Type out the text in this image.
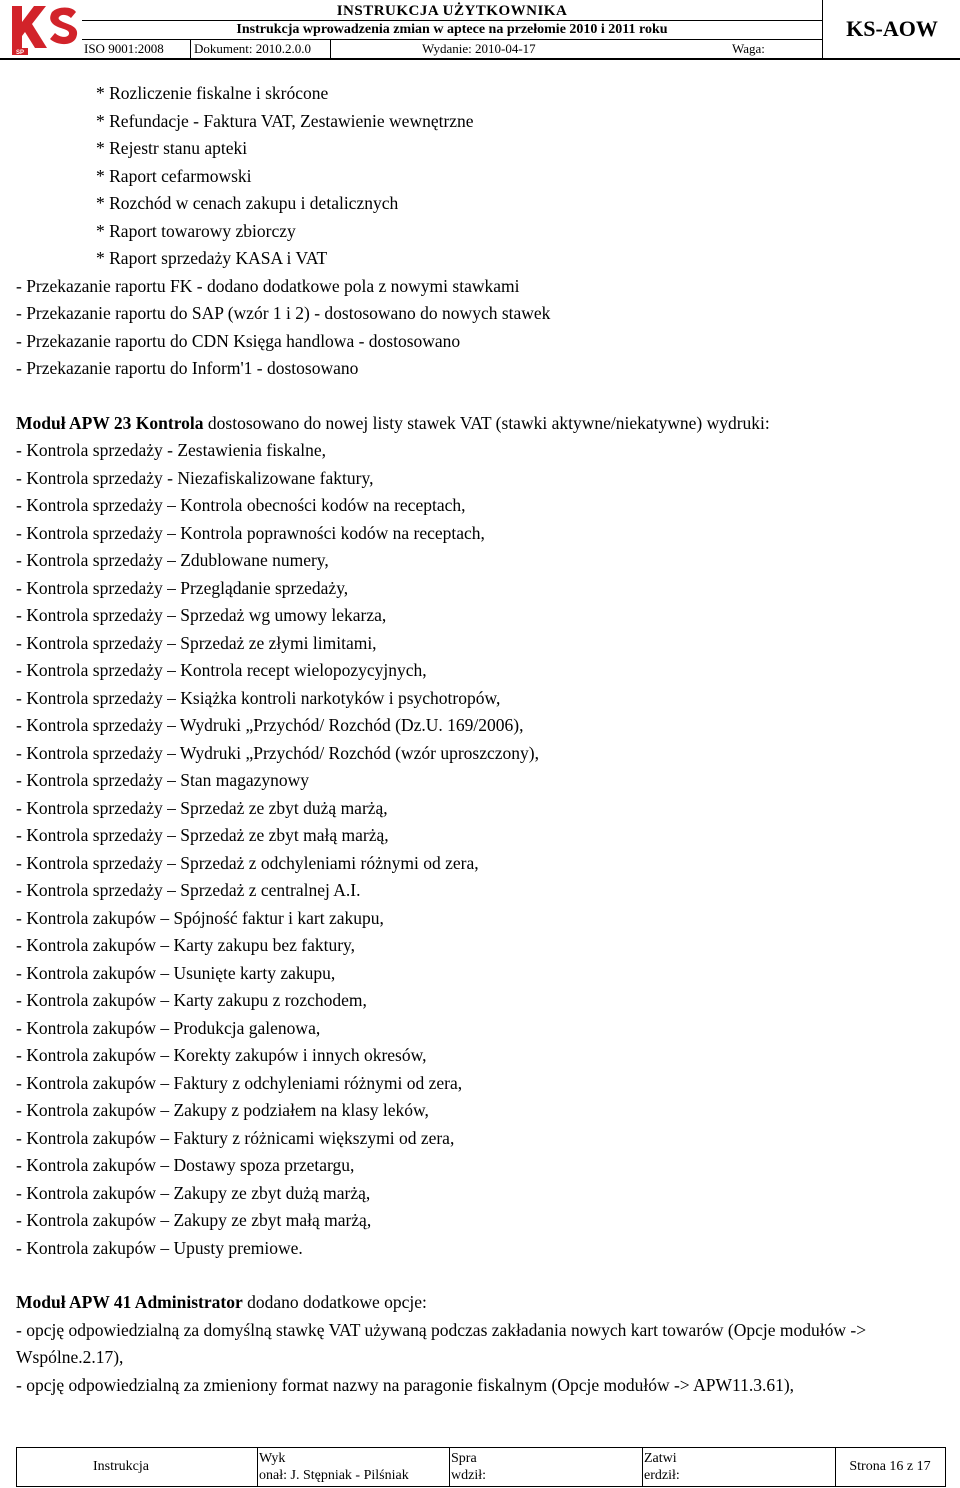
SP
INSTRUKCJA UŻYTKOWNIKA
Instrukcja wprowadzenia zmian w aptece na przełomie 2010 i 2011 roku
ISO 9001:2008 Dokument: 2010.2.0.0	Wydanie: 2010-04-17	Waga:
KS-AOW

* Rozliczenie fiskalne i skrócone

* Refundacje - Faktura VAT, Zestawienie wewnętrzne

* Rejestr stanu apteki

* Raport cefarmowski

* Rozchód w cenach zakupu i detalicznych

* Raport towarowy zbiorczy

* Raport sprzedaży KASA i VAT

- Przekazanie raportu FK - dodano dodatkowe pola z nowymi stawkami

- Przekazanie raportu do SAP (wzór 1 i 2) - dostosowano do nowych stawek

- Przekazanie raportu do CDN Księga handlowa - dostosowano

- Przekazanie raportu do Inform'1 - dostosowano

Moduł APW 23 Kontrola dostosowano do nowej listy stawek VAT (stawki aktywne/niekatywne) wydruki:

- Kontrola sprzedaży - Zestawienia fiskalne,

- Kontrola sprzedaży - Niezafiskalizowane faktury,

- Kontrola sprzedaży – Kontrola obecności kodów na receptach,

- Kontrola sprzedaży – Kontrola poprawności kodów na receptach,

- Kontrola sprzedaży – Zdublowane numery,

- Kontrola sprzedaży – Przeglądanie sprzedaży,

- Kontrola sprzedaży – Sprzedaż wg umowy lekarza,

- Kontrola sprzedaży – Sprzedaż ze złymi limitami,

- Kontrola sprzedaży – Kontrola recept wielopozycyjnych,

- Kontrola sprzedaży – Książka kontroli narkotyków i psychotropów,

- Kontrola sprzedaży – Wydruki „Przychód/ Rozchód (Dz.U. 169/2006),

- Kontrola sprzedaży – Wydruki „Przychód/ Rozchód (wzór uproszczony),

- Kontrola sprzedaży – Stan magazynowy

- Kontrola sprzedaży – Sprzedaż ze zbyt dużą marżą,

- Kontrola sprzedaży – Sprzedaż ze zbyt małą marżą,

- Kontrola sprzedaży – Sprzedaż z odchyleniami różnymi od zera,

- Kontrola sprzedaży – Sprzedaż z centralnej A.I.

- Kontrola zakupów – Spójność faktur i kart zakupu,

- Kontrola zakupów – Karty zakupu bez faktury,

- Kontrola zakupów – Usunięte karty zakupu,

- Kontrola zakupów – Karty zakupu z rozchodem,

- Kontrola zakupów – Produkcja galenowa,

- Kontrola zakupów – Korekty zakupów i innych okresów,

- Kontrola zakupów – Faktury z odchyleniami różnymi od zera,

- Kontrola zakupów – Zakupy z podziałem na klasy leków,

- Kontrola zakupów – Faktury z różnicami większymi od zera,

- Kontrola zakupów – Dostawy spoza przetargu,

- Kontrola zakupów – Zakupy ze zbyt dużą marżą,

- Kontrola zakupów – Zakupy ze zbyt małą marżą,

- Kontrola zakupów – Upusty premiowe.

Moduł APW 41 Administrator dodano dodatkowe opcje:

- opcję odpowiedzialną za domyślną stawkę VAT używaną podczas zakładania nowych kart towarów (Opcje modułów -> Wspólne.2.17),

- opcję odpowiedzialną za zmieniony format nazwy na paragonie fiskalnym (Opcje modułów -> APW11.3.61),

Instrukcja
Wyk
onał: J. Stępniak - Pilśniak
Spra
wdził:
Zatwi
erdził:
Strona 16 z 17
